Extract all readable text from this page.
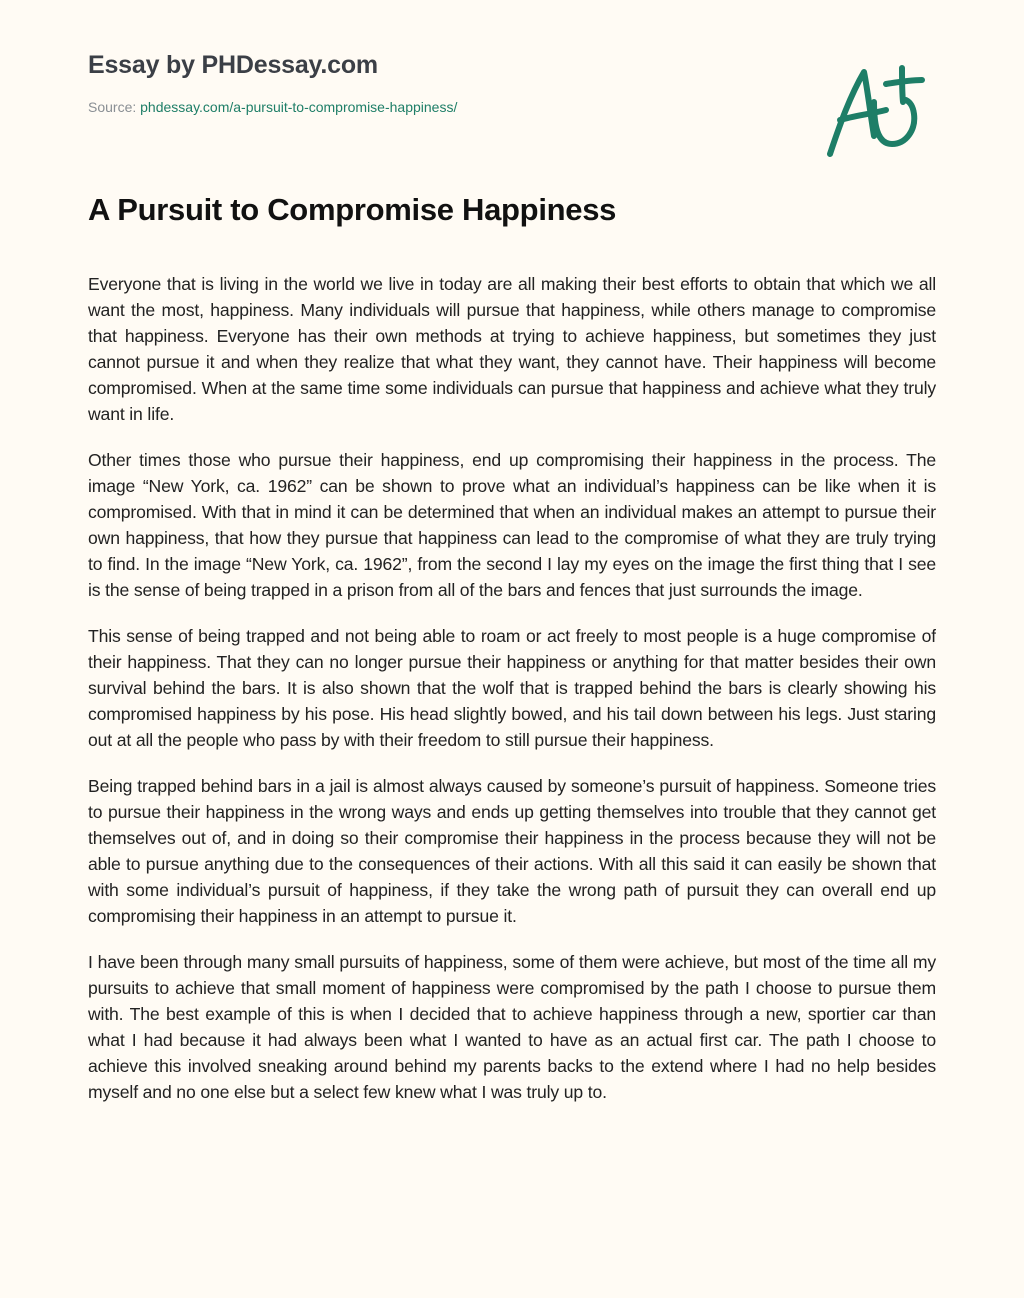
Essay by PHDessay.com
Source: phdessay.com/a-pursuit-to-compromise-happiness/
A Pursuit to Compromise Happiness

Everyone that is living in the world we live in today are all making their best efforts to obtain that which we all want the most, happiness. Many individuals will pursue that happiness, while others manage to compromise that happiness. Everyone has their own methods at trying to achieve happiness, but sometimes they just cannot pursue it and when they realize that what they want, they cannot have. Their happiness will become compromised. When at the same time some individuals can pursue that happiness and achieve what they truly want in life.

Other times those who pursue their happiness, end up compromising their happiness in the process. The image “New York, ca. 1962” can be shown to prove what an individual’s happiness can be like when it is compromised. With that in mind it can be determined that when an individual makes an attempt to pursue their own happiness, that how they pursue that happiness can lead to the compromise of what they are truly trying to find. In the image “New York, ca. 1962”, from the second I lay my eyes on the image the first thing that I see is the sense of being trapped in a prison from all of the bars and fences that just surrounds the image.

This sense of being trapped and not being able to roam or act freely to most people is a huge compromise of their happiness. That they can no longer pursue their happiness or anything for that matter besides their own survival behind the bars. It is also shown that the wolf that is trapped behind the bars is clearly showing his compromised happiness by his pose. His head slightly bowed, and his tail down between his legs. Just staring out at all the people who pass by with their freedom to still pursue their happiness.

Being trapped behind bars in a jail is almost always caused by someone’s pursuit of happiness. Someone tries to pursue their happiness in the wrong ways and ends up getting themselves into trouble that they cannot get themselves out of, and in doing so their compromise their happiness in the process because they will not be able to pursue anything due to the consequences of their actions. With all this said it can easily be shown that with some individual’s pursuit of happiness, if they take the wrong path of pursuit they can overall end up compromising their happiness in an attempt to pursue it.

I have been through many small pursuits of happiness, some of them were achieve, but most of the time all my pursuits to achieve that small moment of happiness were compromised by the path I choose to pursue them with. The best example of this is when I decided that to achieve happiness through a new, sportier car than what I had because it had always been what I wanted to have as an actual first car. The path I choose to achieve this involved sneaking around behind my parents backs to the extend where I had no help besides myself and no one else but a select few knew what I was truly up to.
